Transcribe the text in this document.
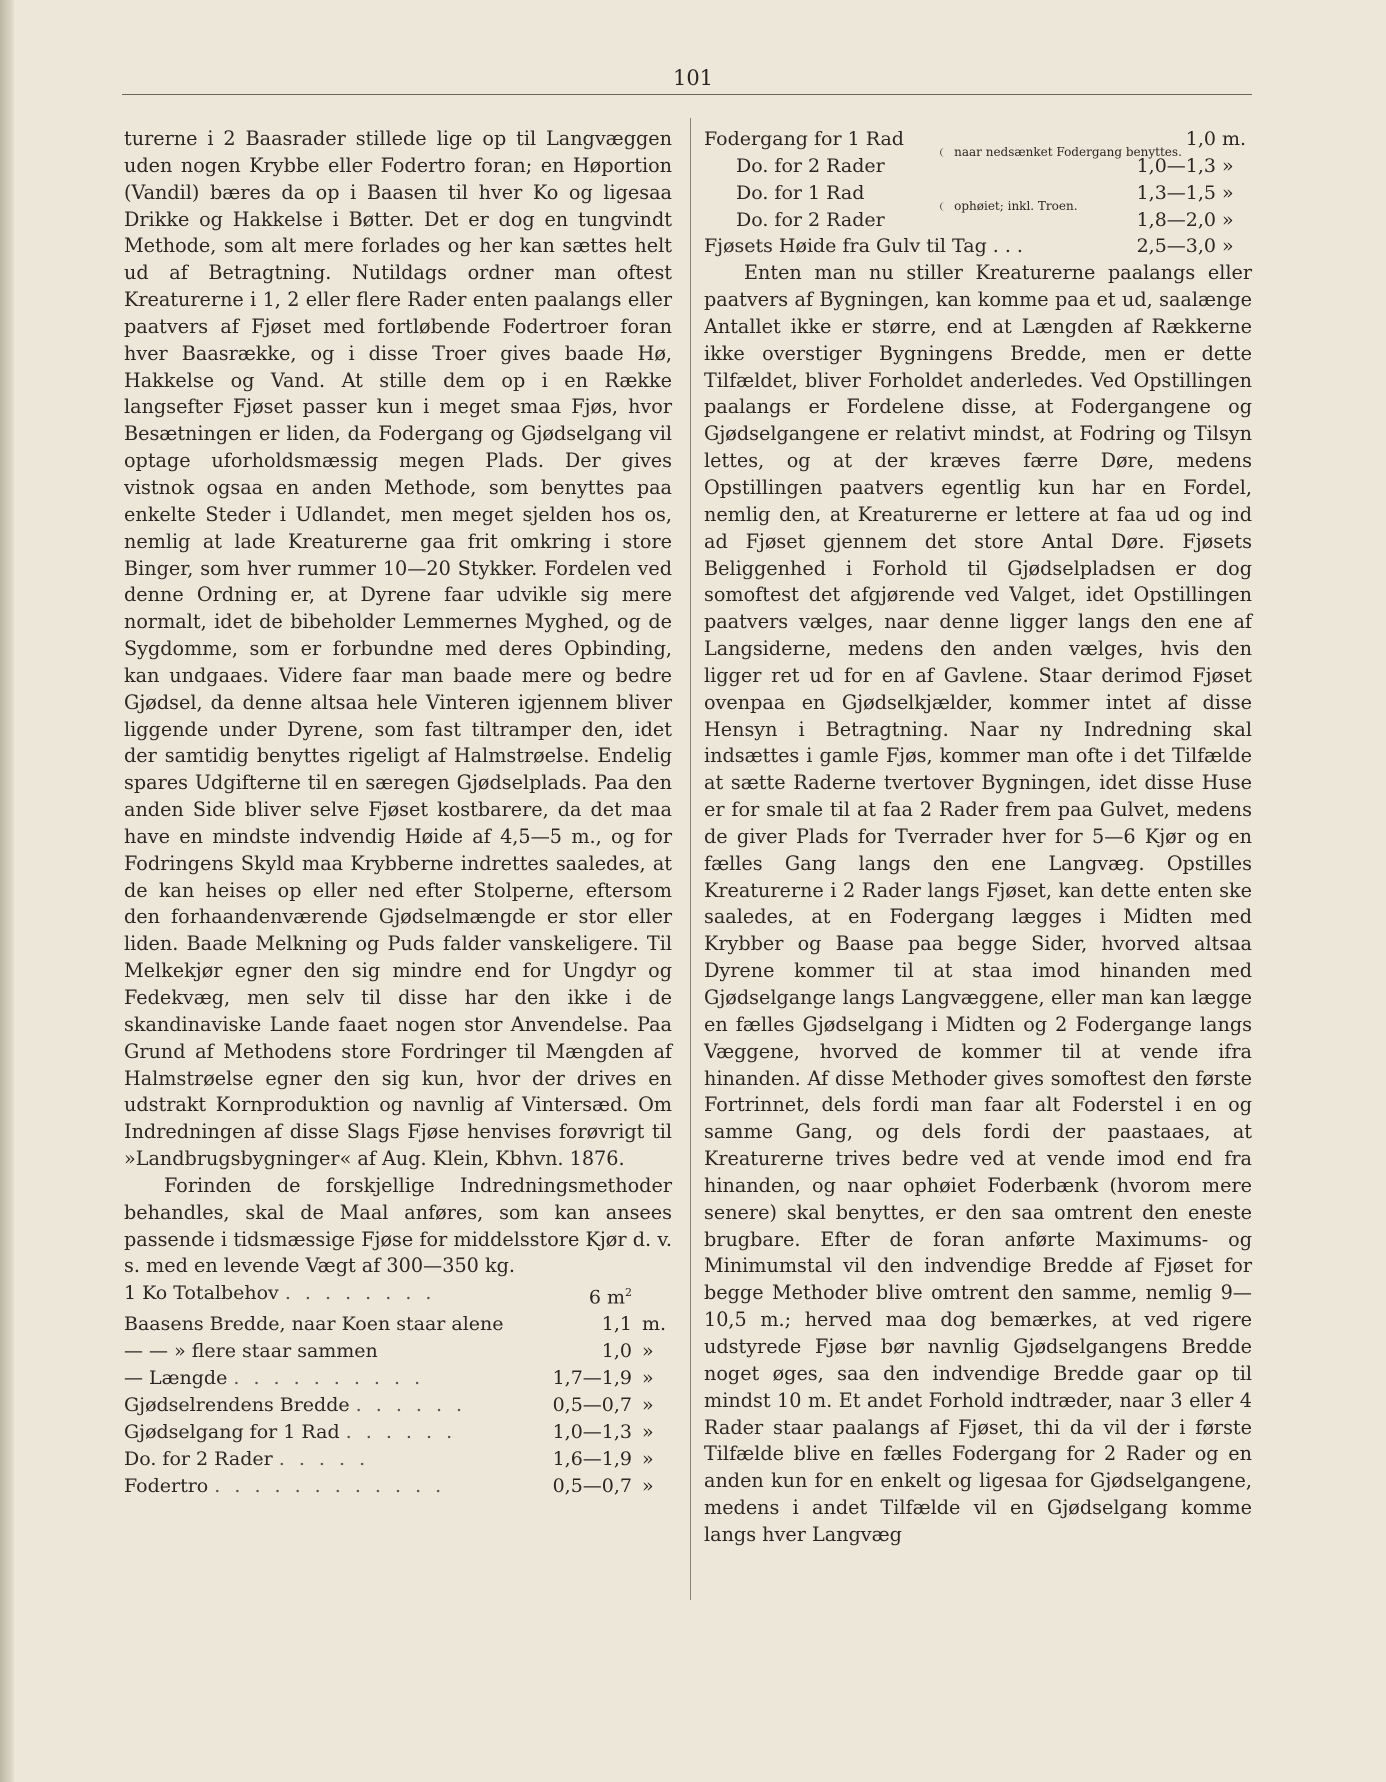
101

turerne i 2 Baasrader stillede lige op til Langvæggen uden nogen Krybbe eller Fodertro foran; en Høportion (Vandil) bæres da op i Baasen til hver Ko og ligesaa Drikke og Hakkelse i Bøtter. Det er dog en tungvindt Methode, som alt mere forlades og her kan sættes helt ud af Betragtning. Nutildags ordner man oftest Kreaturerne i 1, 2 eller flere Rader enten paalangs eller paatvers af Fjøset med fortløbende Fodertroer foran hver Baasrække, og i disse Troer gives baade Hø, Hakkelse og Vand. At stille dem op i en Række langsefter Fjøset passer kun i meget smaa Fjøs, hvor Besætningen er liden, da Fodergang og Gjødselgang vil optage uforholdsmæssig megen Plads. Der gives vistnok ogsaa en anden Methode, som benyttes paa enkelte Steder i Udlandet, men meget sjelden hos os, nemlig at lade Kreaturerne gaa frit omkring i store Binger, som hver rummer 10—20 Stykker. Fordelen ved denne Ordning er, at Dyrene faar udvikle sig mere normalt, idet de bibeholder Lemmernes Myghed, og de Sygdomme, som er forbundne med deres Opbinding, kan undgaaes. Videre faar man baade mere og bedre Gjødsel, da denne altsaa hele Vinteren igjennem bliver liggende under Dyrene, som fast tiltramper den, idet der samtidig benyttes rigeligt af Halmstrøelse. Endelig spares Udgifterne til en særegen Gjødselplads. Paa den anden Side bliver selve Fjøset kostbarere, da det maa have en mindste indvendig Høide af 4,5—5 m., og for Fodringens Skyld maa Krybberne indrettes saaledes, at de kan heises op eller ned efter Stolperne, eftersom den forhaandenværende Gjødselmængde er stor eller liden. Baade Melkning og Puds falder vanskeligere. Til Melkekjør egner den sig mindre end for Ungdyr og Fedekvæg, men selv til disse har den ikke i de skandinaviske Lande faaet nogen stor Anvendelse. Paa Grund af Methodens store Fordringer til Mængden af Halmstrøelse egner den sig kun, hvor der drives en udstrakt Kornproduktion og navnlig af Vintersæd. Om Indredningen af disse Slags Fjøse henvises forøvrigt til »Landbrugsbygninger« af Aug. Klein, Kbhvn. 1876.

Forinden de forskjellige Indredningsmethoder behandles, skal de Maal anføres, som kan ansees passende i tidsmæssige Fjøse for middelsstore Kjør d. v. s. med en levende Vægt af 300—350 kg.

1 Ko Totalbehov . . . . . . . .	6 $m^2$	
Baasens Bredde, naar Koen staar alene	1,1	m.
— — » flere staar sammen	1,0	»
— Længde . . . . . . . . . .	1,7—1,9	»
Gjødselrendens Bredde . . . . . .	0,5—0,7	»
Gjødselgang for 1 Rad . . . . . .	1,0—1,3	»
Do. for 2 Rader . . . . .	1,6—1,9	»
Fodertro . . . . . . . . . . . .	0,5—0,7	»
Fodergang for 1 Rad	naar nedsænket Fodergang benyttes.	1,0	m.
Do. for 2 Rader		1,0—1,3	»
Do. for 1 Rad	ophøiet; inkl. Troen.	1,3—1,5	»
Do. for 2 Rader		1,8—2,0	»
Fjøsets Høide fra Gulv til Tag . . .		2,5—3,0	»

Enten man nu stiller Kreaturerne paalangs eller paatvers af Bygningen, kan komme paa et ud, saalænge Antallet ikke er større, end at Længden af Rækkerne ikke overstiger Bygningens Bredde, men er dette Tilfældet, bliver Forholdet anderledes. Ved Opstillingen paalangs er Fordelene disse, at Fodergangene og Gjødselgangene er relativt mindst, at Fodring og Tilsyn lettes, og at der kræves færre Døre, medens Opstillingen paatvers egentlig kun har en Fordel, nemlig den, at Kreaturerne er lettere at faa ud og ind ad Fjøset gjennem det store Antal Døre. Fjøsets Beliggenhed i Forhold til Gjødselpladsen er dog somoftest det afgjørende ved Valget, idet Opstillingen paatvers vælges, naar denne ligger langs den ene af Langsiderne, medens den anden vælges, hvis den ligger ret ud for en af Gavlene. Staar derimod Fjøset ovenpaa en Gjødselkjælder, kommer intet af disse Hensyn i Betragtning. Naar ny Indredning skal indsættes i gamle Fjøs, kommer man ofte i det Tilfælde at sætte Raderne tvertover Bygningen, idet disse Huse er for smale til at faa 2 Rader frem paa Gulvet, medens de giver Plads for Tverrader hver for 5—6 Kjør og en fælles Gang langs den ene Langvæg. Opstilles Kreaturerne i 2 Rader langs Fjøset, kan dette enten ske saaledes, at en Fodergang lægges i Midten med Krybber og Baase paa begge Sider, hvorved altsaa Dyrene kommer til at staa imod hinanden med Gjødselgange langs Langvæggene, eller man kan lægge en fælles Gjødselgang i Midten og 2 Fodergange langs Væggene, hvorved de kommer til at vende ifra hinanden. Af disse Methoder gives somoftest den første Fortrinnet, dels fordi man faar alt Foderstel i en og samme Gang, og dels fordi der paastaaes, at Kreaturerne trives bedre ved at vende imod end fra hinanden, og naar ophøiet Foderbænk (hvorom mere senere) skal benyttes, er den saa omtrent den eneste brugbare. Efter de foran anførte Maximums- og Minimumstal vil den indvendige Bredde af Fjøset for begge Methoder blive omtrent den samme, nemlig 9—10,5 m.; herved maa dog bemærkes, at ved rigere udstyrede Fjøse bør navnlig Gjødselgangens Bredde noget øges, saa den indvendige Bredde gaar op til mindst 10 m. Et andet Forhold indtræder, naar 3 eller 4 Rader staar paalangs af Fjøset, thi da vil der i første Tilfælde blive en fælles Fodergang for 2 Rader og en anden kun for en enkelt og ligesaa for Gjødselgangene, medens i andet Tilfælde vil en Gjødselgang komme langs hver Langvæg
